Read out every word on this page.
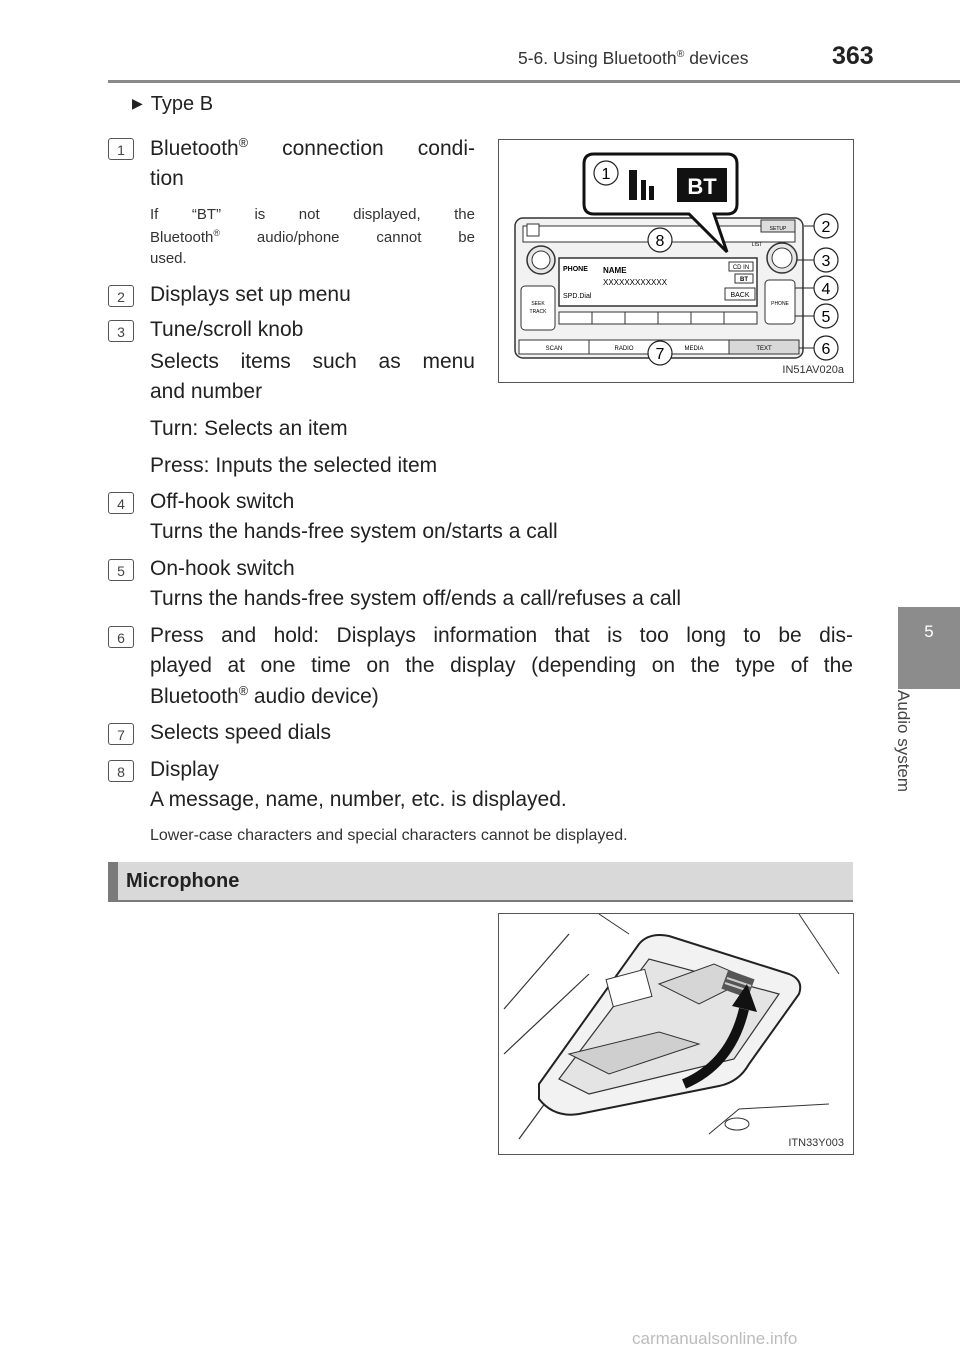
5-6. Using Bluetooth® devices	363
5
Audio system
▶ Type B
1	Bluetooth® connection condi-
tion
If “BT” is not displayed, the
Bluetooth® audio/phone cannot be
used.
2	Displays set up menu
3	Tune/scroll knob
Selects items such as menu
and number
Turn: Selects an item
Press: Inputs the selected item
4	Off-hook switch
Turns the hands-free system on/starts a call
5	On-hook switch
Turns the hands-free system off/ends a call/refuses a call
6	Press and hold: Displays information that is too long to be dis-
played at one time on the display (depending on the type of the
Bluetooth® audio device)
7	Selects speed dials
8	Display
A message, name, number, etc. is displayed.
Lower-case characters and special characters cannot be displayed.
SETUP
LIST
PHONE NAME
XXXXXXXXXXXX
SPD.Dial
CD IN
BT
BACK
SEEK
TRACK
PHONE
SCAN	RADIO	MEDIA	TEXT
BT
1
2
3
4
5
6
7
8
IN51AV020a
Microphone
ITN33Y003
carmanualsonline.info
